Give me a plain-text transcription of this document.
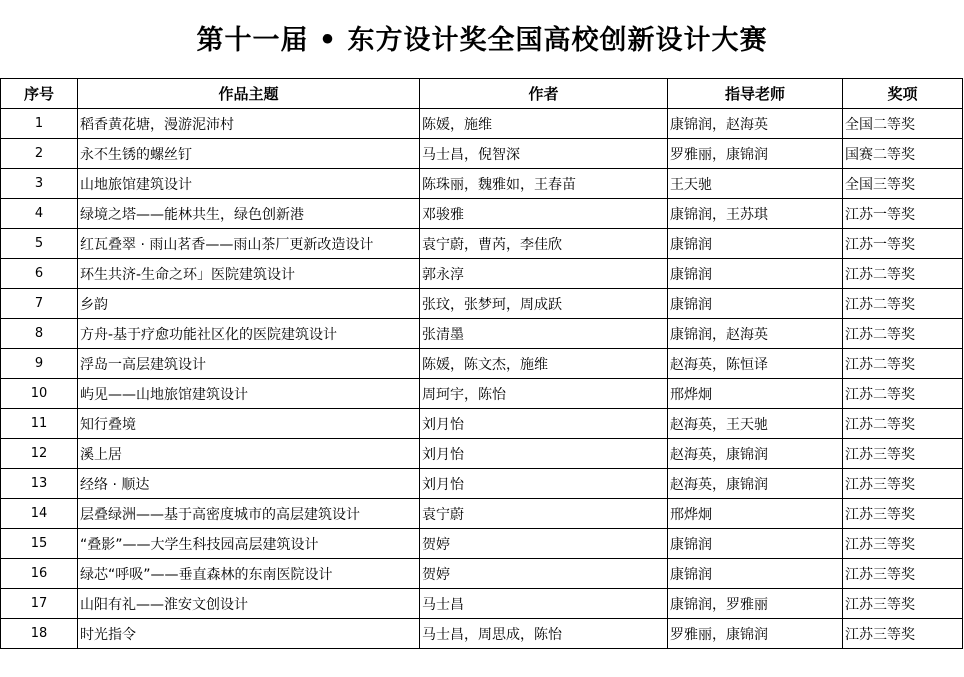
第十一届 • 东方设计奖全国高校创新设计大赛
序号	作品主题	作者	指导老师	奖项
1	稻香黄花塘，漫游泥沛村	陈媛，施维	康锦润，赵海英	全国二等奖
2	永不生锈的螺丝钉	马士昌，倪智深	罗雅丽，康锦润	国赛二等奖
3	山地旅馆建筑设计	陈珠丽，魏雅如，王春苗	王天驰	全国三等奖
4	绿境之塔——能林共生，绿色创新港	邓骏雅	康锦润，王苏琪	江苏一等奖
5	红瓦叠翠 · 雨山茗香——雨山茶厂更新改造设计	袁宁蔚，曹芮，李佳欣	康锦润	江苏一等奖
6	环生共济-生命之环」医院建筑设计	郭永淳	康锦润	江苏二等奖
7	乡韵	张玟，张梦珂，周成跃	康锦润	江苏二等奖
8	方舟-基于疗愈功能社区化的医院建筑设计	张清墨	康锦润，赵海英	江苏二等奖
9	浮岛一高层建筑设计	陈媛，陈文杰，施维	赵海英，陈恒译	江苏二等奖
10	屿见——山地旅馆建筑设计	周珂宇，陈怡	邢烨炯	江苏二等奖
11	知行叠境	刘月怡	赵海英，王天驰	江苏二等奖
12	溪上居	刘月怡	赵海英，康锦润	江苏三等奖
13	经络 · 顺达	刘月怡	赵海英，康锦润	江苏三等奖
14	层叠绿洲——基于高密度城市的高层建筑设计	袁宁蔚	邢烨炯	江苏三等奖
15	“叠影”——大学生科技园高层建筑设计	贺婷	康锦润	江苏三等奖
16	绿芯“呼吸”——垂直森林的东南医院设计	贺婷	康锦润	江苏三等奖
17	山阳有礼——淮安文创设计	马士昌	康锦润，罗雅丽	江苏三等奖
18	时光指令	马士昌，周思成，陈怡	罗雅丽，康锦润	江苏三等奖
